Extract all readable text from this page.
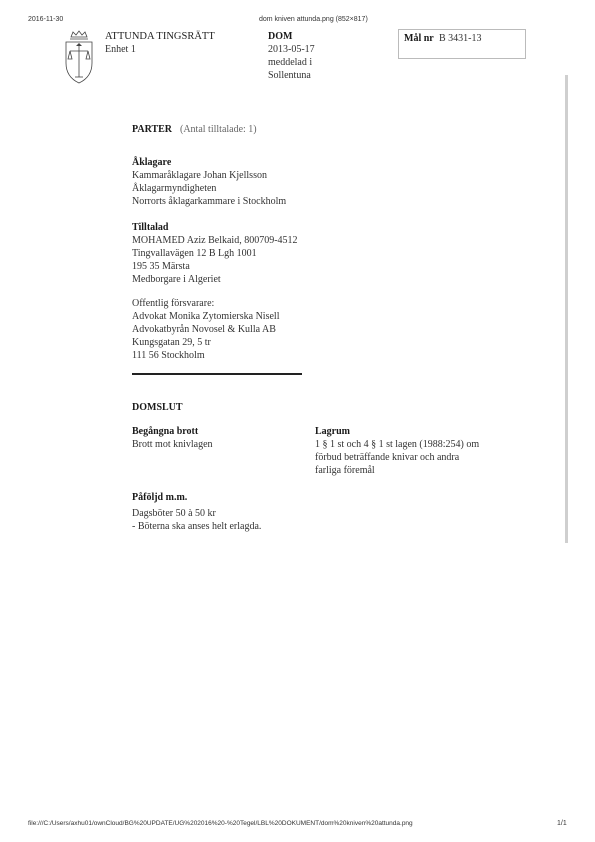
2016-11-30	dom kniven attunda.png (852×817)
ATTUNDA TINGSRÄTT
Enhet 1
DOM
2013-05-17
meddelad i
Sollentuna
Mål nr B 3431-13
PARTER (Antal tilltalade: 1)
Åklagare
Kammaråklagare Johan Kjellsson
Åklagarmyndigheten
Norrorts åklagarkammare i Stockholm
Tilltalad
MOHAMED Aziz Belkaid, 800709-4512
Tingvallavägen 12 B Lgh 1001
195 35 Märsta
Medborgare i Algeriet
Offentlig försvarare:
Advokat Monika Zytomierska Nisell
Advokatbyrån Novosel & Kulla AB
Kungsgatan 29, 5 tr
111 56 Stockholm
DOMSLUT
Begångna brott
Brott mot knivlagen
Lagrum
1 § 1 st och 4 § 1 st lagen (1988:254) om
förbud beträffande knivar och andra
farliga föremål
Påföljd m.m.
Dagsböter 50 à 50 kr
- Böterna ska anses helt erlagda.
file:///C:/Users/axhu01/ownCloud/BG%20UPDATE/UG%202016%20-%20Tegel/LBL%20DOKUMENT/dom%20kniven%20attunda.png	1/1
